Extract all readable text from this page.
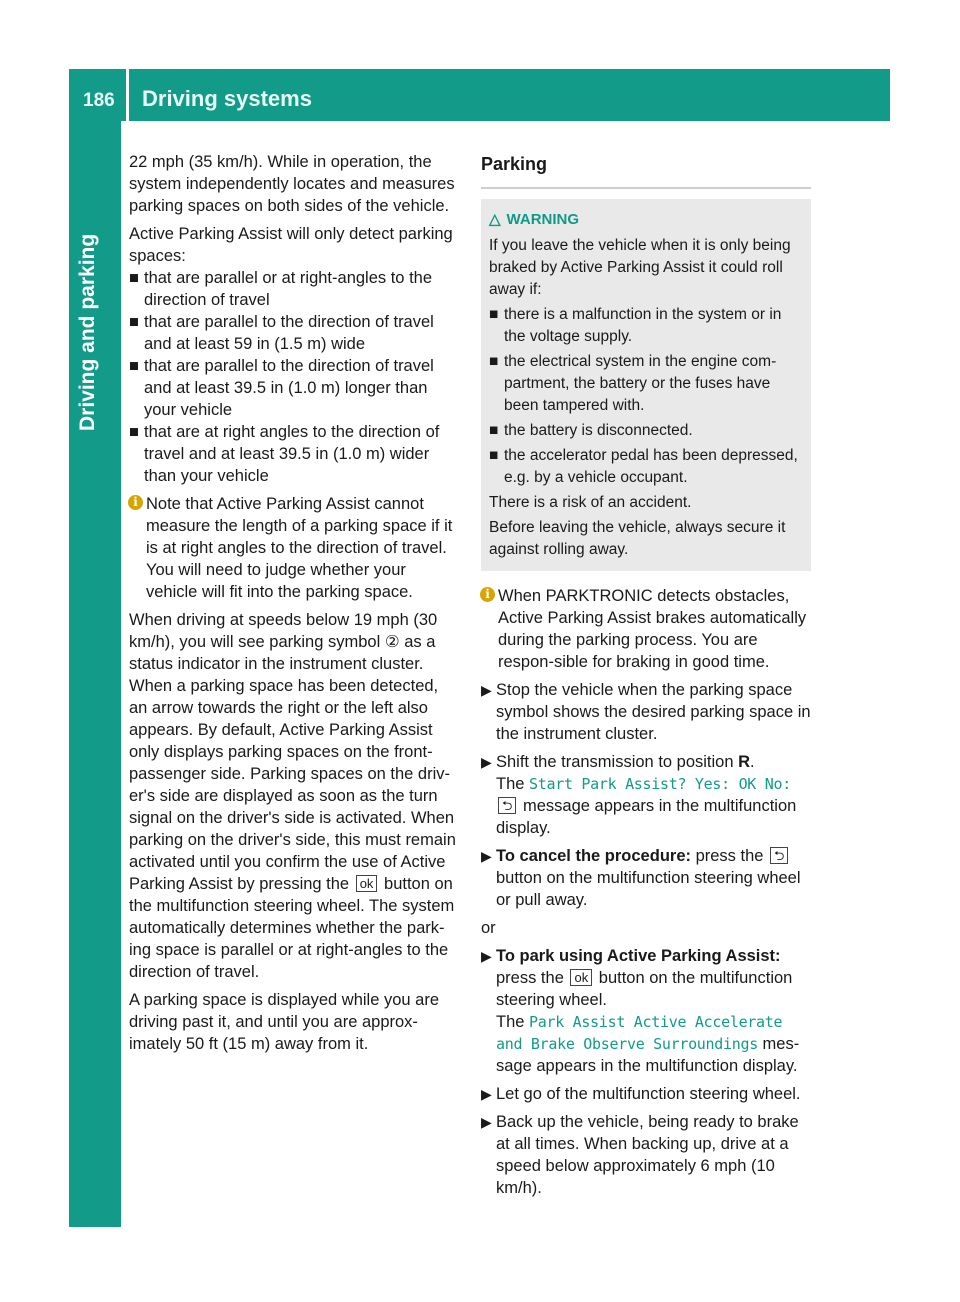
186 Driving systems
Driving and parking

22 mph (35 km/h). While in operation, the system independently locates and measures parking spaces on both sides of the vehicle.

Active Parking Assist will only detect parking spaces:

■ that are parallel or at right-angles to the direction of travel
■ that are parallel to the direction of travel and at least 59 in (1.5 m) wide
■ that are parallel to the direction of travel and at least 39.5 in (1.0 m) longer than your vehicle
■ that are at right angles to the direction of travel and at least 39.5 in (1.0 m) wider than your vehicle
i Note that Active Parking Assist cannot measure the length of a parking space if it is at right angles to the direction of travel. You will need to judge whether your vehicle will fit into the parking space.

When driving at speeds below 19 mph (30 km/h), you will see parking symbol ② as a status indicator in the instrument cluster. When a parking space has been detected, an arrow towards the right or the left also appears. By default, Active Parking Assist only displays parking spaces on the front-passenger side. Parking spaces on the driv-er's side are displayed as soon as the turn signal on the driver's side is activated. When parking on the driver's side, this must remain activated until you confirm the use of Active Parking Assist by pressing the ok button on the multifunction steering wheel. The system automatically determines whether the park-ing space is parallel or at right-angles to the direction of travel.

A parking space is displayed while you are driving past it, and until you are approx-imately 50 ft (15 m) away from it.

Parking
△ WARNING

If you leave the vehicle when it is only being braked by Active Parking Assist it could roll away if:

■ there is a malfunction in the system or in the voltage supply.
■ the electrical system in the engine com-partment, the battery or the fuses have been tampered with.
■ the battery is disconnected.
■ the accelerator pedal has been depressed, e.g. by a vehicle occupant.

There is a risk of an accident.

Before leaving the vehicle, always secure it against rolling away.

i When PARKTRONIC detects obstacles, Active Parking Assist brakes automatically during the parking process. You are respon-sible for braking in good time.
▶ Stop the vehicle when the parking space symbol shows the desired parking space in the instrument cluster.
▶ Shift the transmission to position R.
The Start Park Assist? Yes: OK No:
⮌ message appears in the multifunction display.
▶ To cancel the procedure: press the ⮌ button on the multifunction steering wheel or pull away.

or

▶ To park using Active Parking Assist:
press the ok button on the multifunction steering wheel.
The Park Assist Active Accelerate and Brake Observe Surroundings mes-sage appears in the multifunction display.
▶ Let go of the multifunction steering wheel.
▶ Back up the vehicle, being ready to brake at all times. When backing up, drive at a speed below approximately 6 mph (10 km/h).
